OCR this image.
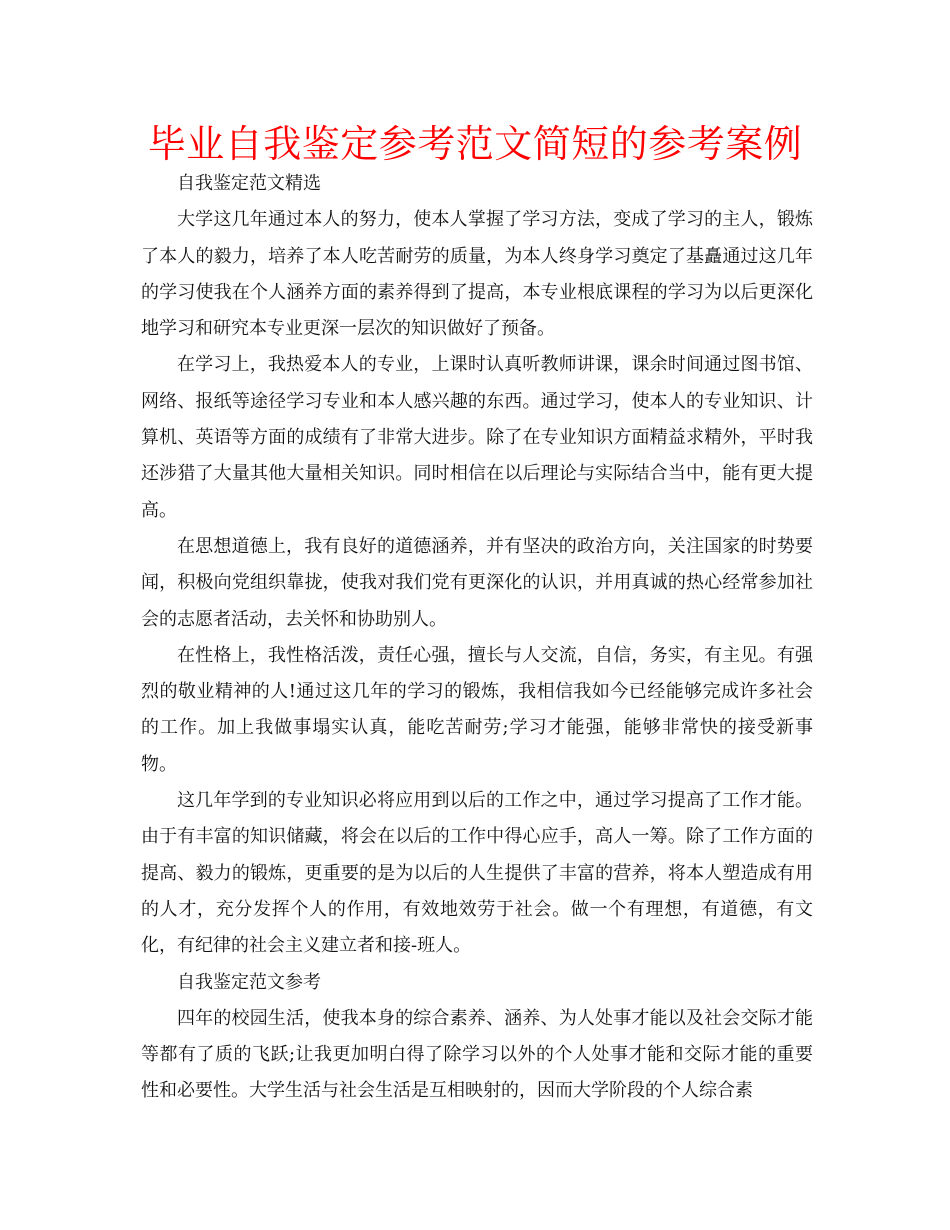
毕业自我鉴定参考范文简短的参考案例

自我鉴定范文精选

大学这几年通过本人的努力，使本人掌握了学习方法，变成了学习的主人，锻炼了本人的毅力，培养了本人吃苦耐劳的质量，为本人终身学习奠定了基矗通过这几年的学习使我在个人涵养方面的素养得到了提高，本专业根底课程的学习为以后更深化地学习和研究本专业更深一层次的知识做好了预备。

在学习上，我热爱本人的专业，上课时认真听教师讲课，课余时间通过图书馆、网络、报纸等途径学习专业和本人感兴趣的东西。通过学习，使本人的专业知识、计算机、英语等方面的成绩有了非常大进步。除了在专业知识方面精益求精外，平时我还涉猎了大量其他大量相关知识。同时相信在以后理论与实际结合当中，能有更大提高。

在思想道德上，我有良好的道德涵养，并有坚决的政治方向，关注国家的时势要闻，积极向党组织靠拢，使我对我们党有更深化的认识，并用真诚的热心经常参加社会的志愿者活动，去关怀和协助别人。

在性格上，我性格活泼，责任心强，擅长与人交流，自信，务实，有主见。有强烈的敬业精神的人!通过这几年的学习的锻炼，我相信我如今已经能够完成许多社会的工作。加上我做事塌实认真，能吃苦耐劳;学习才能强，能够非常快的接受新事物。

这几年学到的专业知识必将应用到以后的工作之中，通过学习提高了工作才能。由于有丰富的知识储藏，将会在以后的工作中得心应手，高人一筹。除了工作方面的提高、毅力的锻炼，更重要的是为以后的人生提供了丰富的营养，将本人塑造成有用的人才，充分发挥个人的作用，有效地效劳于社会。做一个有理想，有道德，有文化，有纪律的社会主义建立者和接-班人。

自我鉴定范文参考

四年的校园生活，使我本身的综合素养、涵养、为人处事才能以及社会交际才能等都有了质的飞跃;让我更加明白得了除学习以外的个人处事才能和交际才能的重要性和必要性。大学生活与社会生活是互相映射的，因而大学阶段的个人综合素
